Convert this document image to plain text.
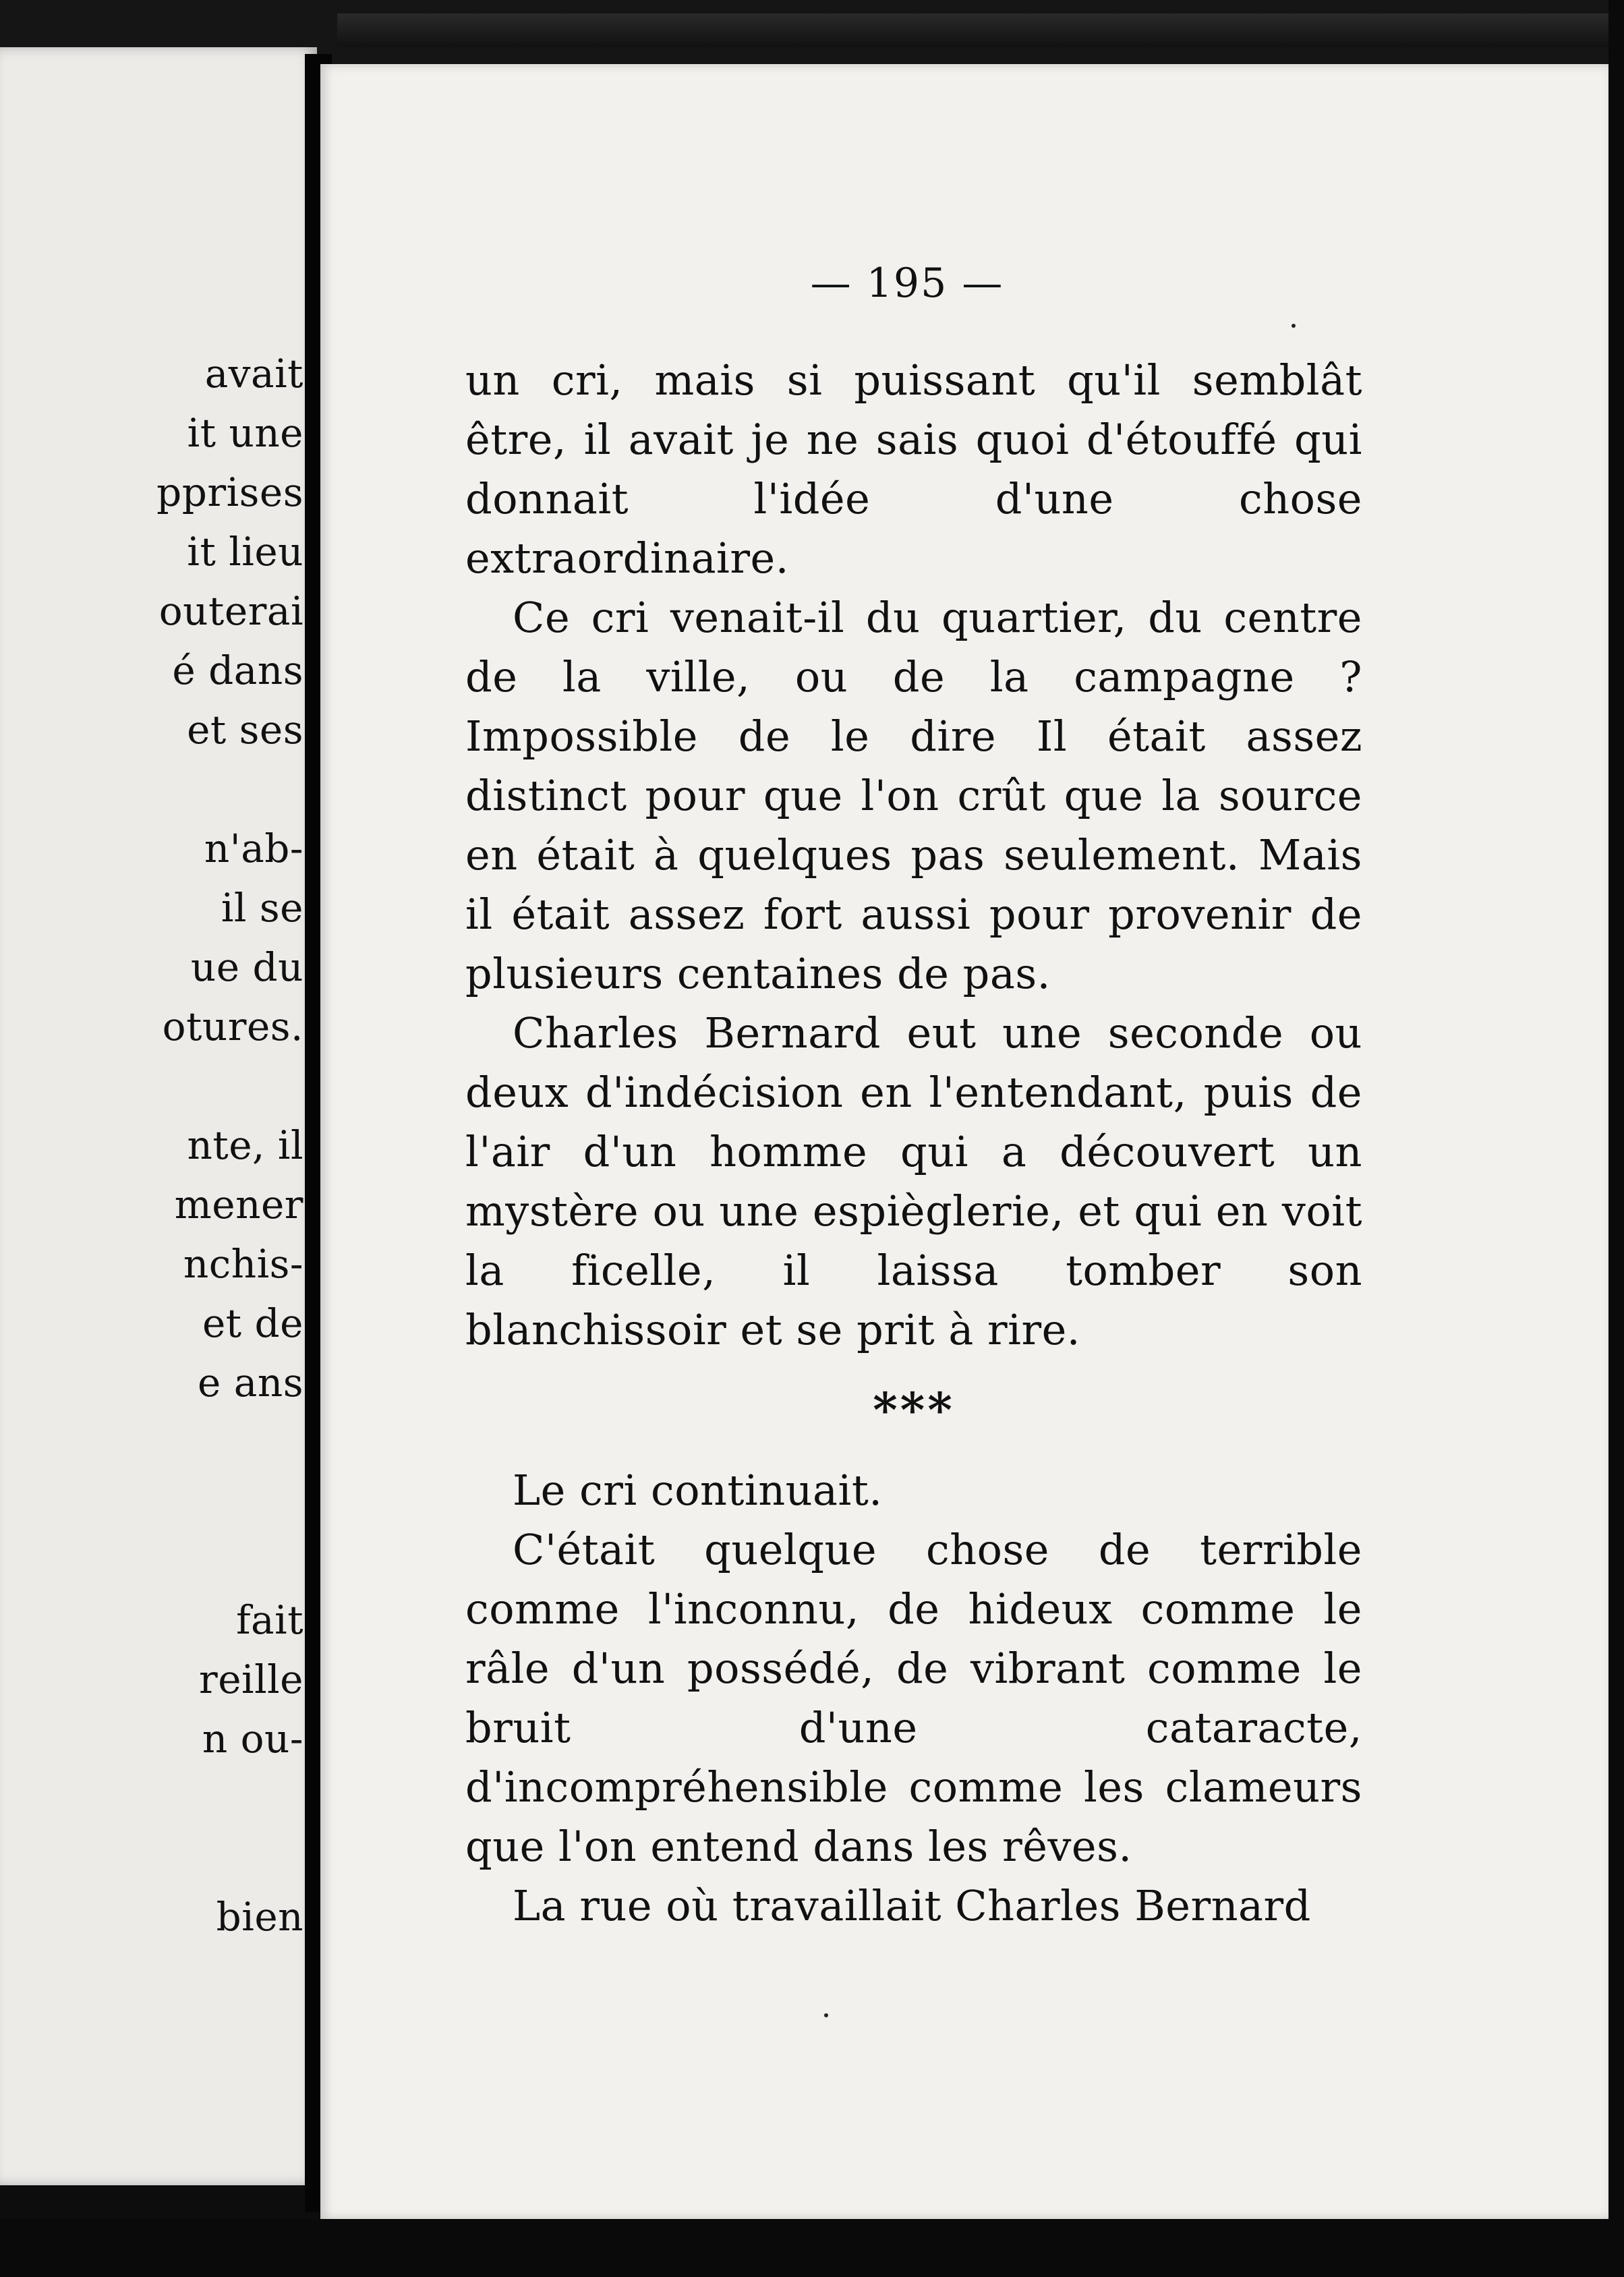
avait
it une
pprises
it lieu
outerai
é dans
et ses
n'ab-
il se
ue du
otures.
nte, il
mener
nchis-
et de
e ans
fait
reille
n ou-
bien
— 195 —

un cri, mais si puissant qu'il semblât être, il avait je ne sais quoi d'étouffé qui donnait l'idée d'une chose extraordinaire.

Ce cri venait-il du quartier, du centre de la ville, ou de la campagne ? Impossible de le dire Il était assez distinct pour que l'on crût que la source en était à quelques pas seulement. Mais il était assez fort aussi pour provenir de plusieurs centaines de pas.

Charles Bernard eut une seconde ou deux d'indécision en l'entendant, puis de l'air d'un homme qui a découvert un mystère ou une espièglerie, et qui en voit la ficelle, il laissa tomber son blanchissoir et se prit à rire.

***

Le cri continuait.

C'était quelque chose de terrible comme l'inconnu, de hideux comme le râle d'un possédé, de vibrant comme le bruit d'une cataracte, d'incompréhensible comme les clameurs que l'on entend dans les rêves.

La rue où travaillait Charles Bernard
